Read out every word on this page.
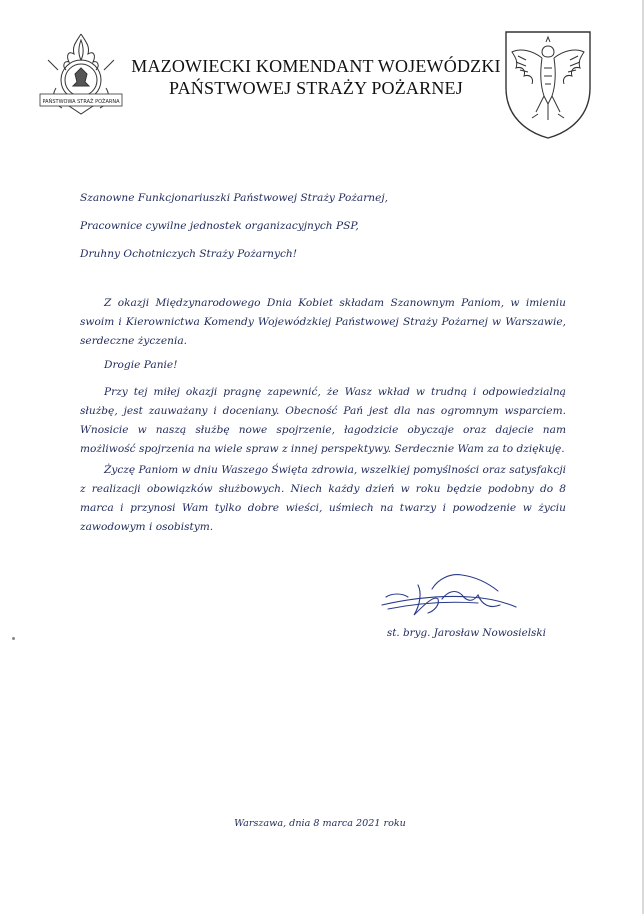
PAŃSTWOWA STRAŻ POŻARNA
MAZOWIECKI KOMENDANT WOJEWÓDZKI
PAŃSTWOWEJ STRAŻY POŻARNEJ
Szanowne Funkcjonariuszki Państwowej Straży Pożarnej,
Pracownice cywilne jednostek organizacyjnych PSP,
Druhny Ochotniczych Straży Pożarnych!
Z okazji Międzynarodowego Dnia Kobiet składam Szanownym Paniom, w imieniu swoim i Kierownictwa Komendy Wojewódzkiej Państwowej Straży Pożarnej w Warszawie, serdeczne życzenia.
Drogie Panie!
Przy tej miłej okazji pragnę zapewnić, że Wasz wkład w trudną i odpowiedzialną służbę, jest zauważany i doceniany. Obecność Pań jest dla nas ogromnym wsparciem. Wnosicie w naszą służbę nowe spojrzenie, łagodzicie obyczaje oraz dajecie nam możliwość spojrzenia na wiele spraw z innej perspektywy. Serdecznie Wam za to dziękuję.
Życzę Paniom w dniu Waszego Święta zdrowia, wszelkiej pomyślności oraz satysfakcji z realizacji obowiązków służbowych. Niech każdy dzień w roku będzie podobny do 8 marca i przynosi Wam tylko dobre wieści, uśmiech na twarzy i powodzenie w życiu zawodowym i osobistym.
st. bryg. Jarosław Nowosielski
Warszawa, dnia 8 marca 2021 roku
